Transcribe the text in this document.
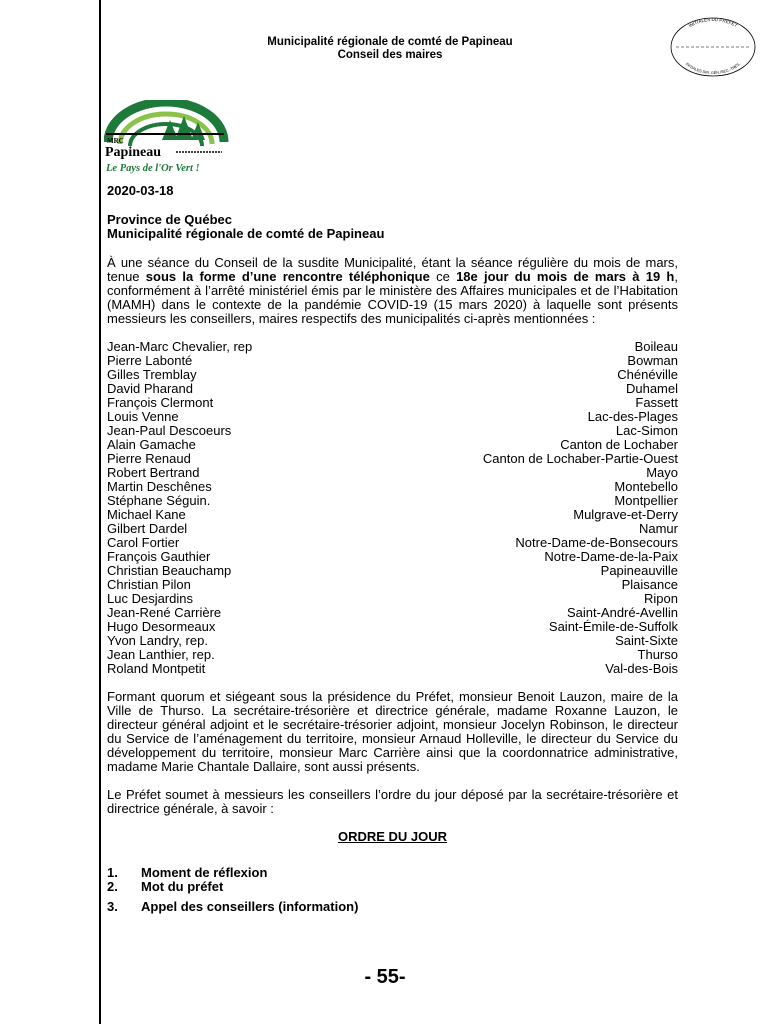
Municipalité régionale de comté de Papineau
Conseil des maires
INITIALES DU PRÉFET
INITIALES DIR. GÉN./SEC.-TRÉS.
MRC
Papineau
Le Pays de l'Or Vert !

2020-03-18

Province de Québec
Municipalité régionale de comté de Papineau

À une séance du Conseil de la susdite Municipalité, étant la séance régulière du mois de mars, tenue sous la forme d’une rencontre téléphonique ce 18e jour du mois de mars à 19 h, conformément à l’arrêté ministériel émis par le ministère des Affaires municipales et de l’Habitation (MAMH) dans le contexte de la pandémie COVID-19 (15 mars 2020) à laquelle sont présents messieurs les conseillers, maires respectifs des municipalités ci-après mentionnées :

Jean-Marc Chevalier, rep	Boileau
Pierre Labonté	Bowman
Gilles Tremblay	Chénéville
David Pharand	Duhamel
François Clermont	Fassett
Louis Venne	Lac-des-Plages
Jean-Paul Descoeurs	Lac-Simon
Alain Gamache	Canton de Lochaber
Pierre Renaud	Canton de Lochaber-Partie-Ouest
Robert Bertrand	Mayo
Martin Deschênes	Montebello
Stéphane Séguin.	Montpellier
Michael Kane	Mulgrave-et-Derry
Gilbert Dardel	Namur
Carol Fortier	Notre-Dame-de-Bonsecours
François Gauthier	Notre-Dame-de-la-Paix
Christian Beauchamp	Papineauville
Christian Pilon	Plaisance
Luc Desjardins	Ripon
Jean-René Carrière	Saint-André-Avellin
Hugo Desormeaux	Saint-Émile-de-Suffolk
Yvon Landry, rep.	Saint-Sixte
Jean Lanthier, rep.	Thurso
Roland Montpetit	Val-des-Bois

Formant quorum et siégeant sous la présidence du Préfet, monsieur Benoit Lauzon, maire de la Ville de Thurso. La secrétaire-trésorière et directrice générale, madame Roxanne Lauzon, le directeur général adjoint et le secrétaire-trésorier adjoint, monsieur Jocelyn Robinson, le directeur du Service de l’aménagement du territoire, monsieur Arnaud Holleville, le directeur du Service du développement du territoire, monsieur Marc Carrière ainsi que la coordonnatrice administrative, madame Marie Chantale Dallaire, sont aussi présents.

Le Préfet soumet à messieurs les conseillers l’ordre du jour déposé par la secrétaire-trésorière et directrice générale, à savoir :

ORDRE DU JOUR

1.	Moment de réflexion
2.	Mot du préfet
3.	Appel des conseillers (information)
- 55-
